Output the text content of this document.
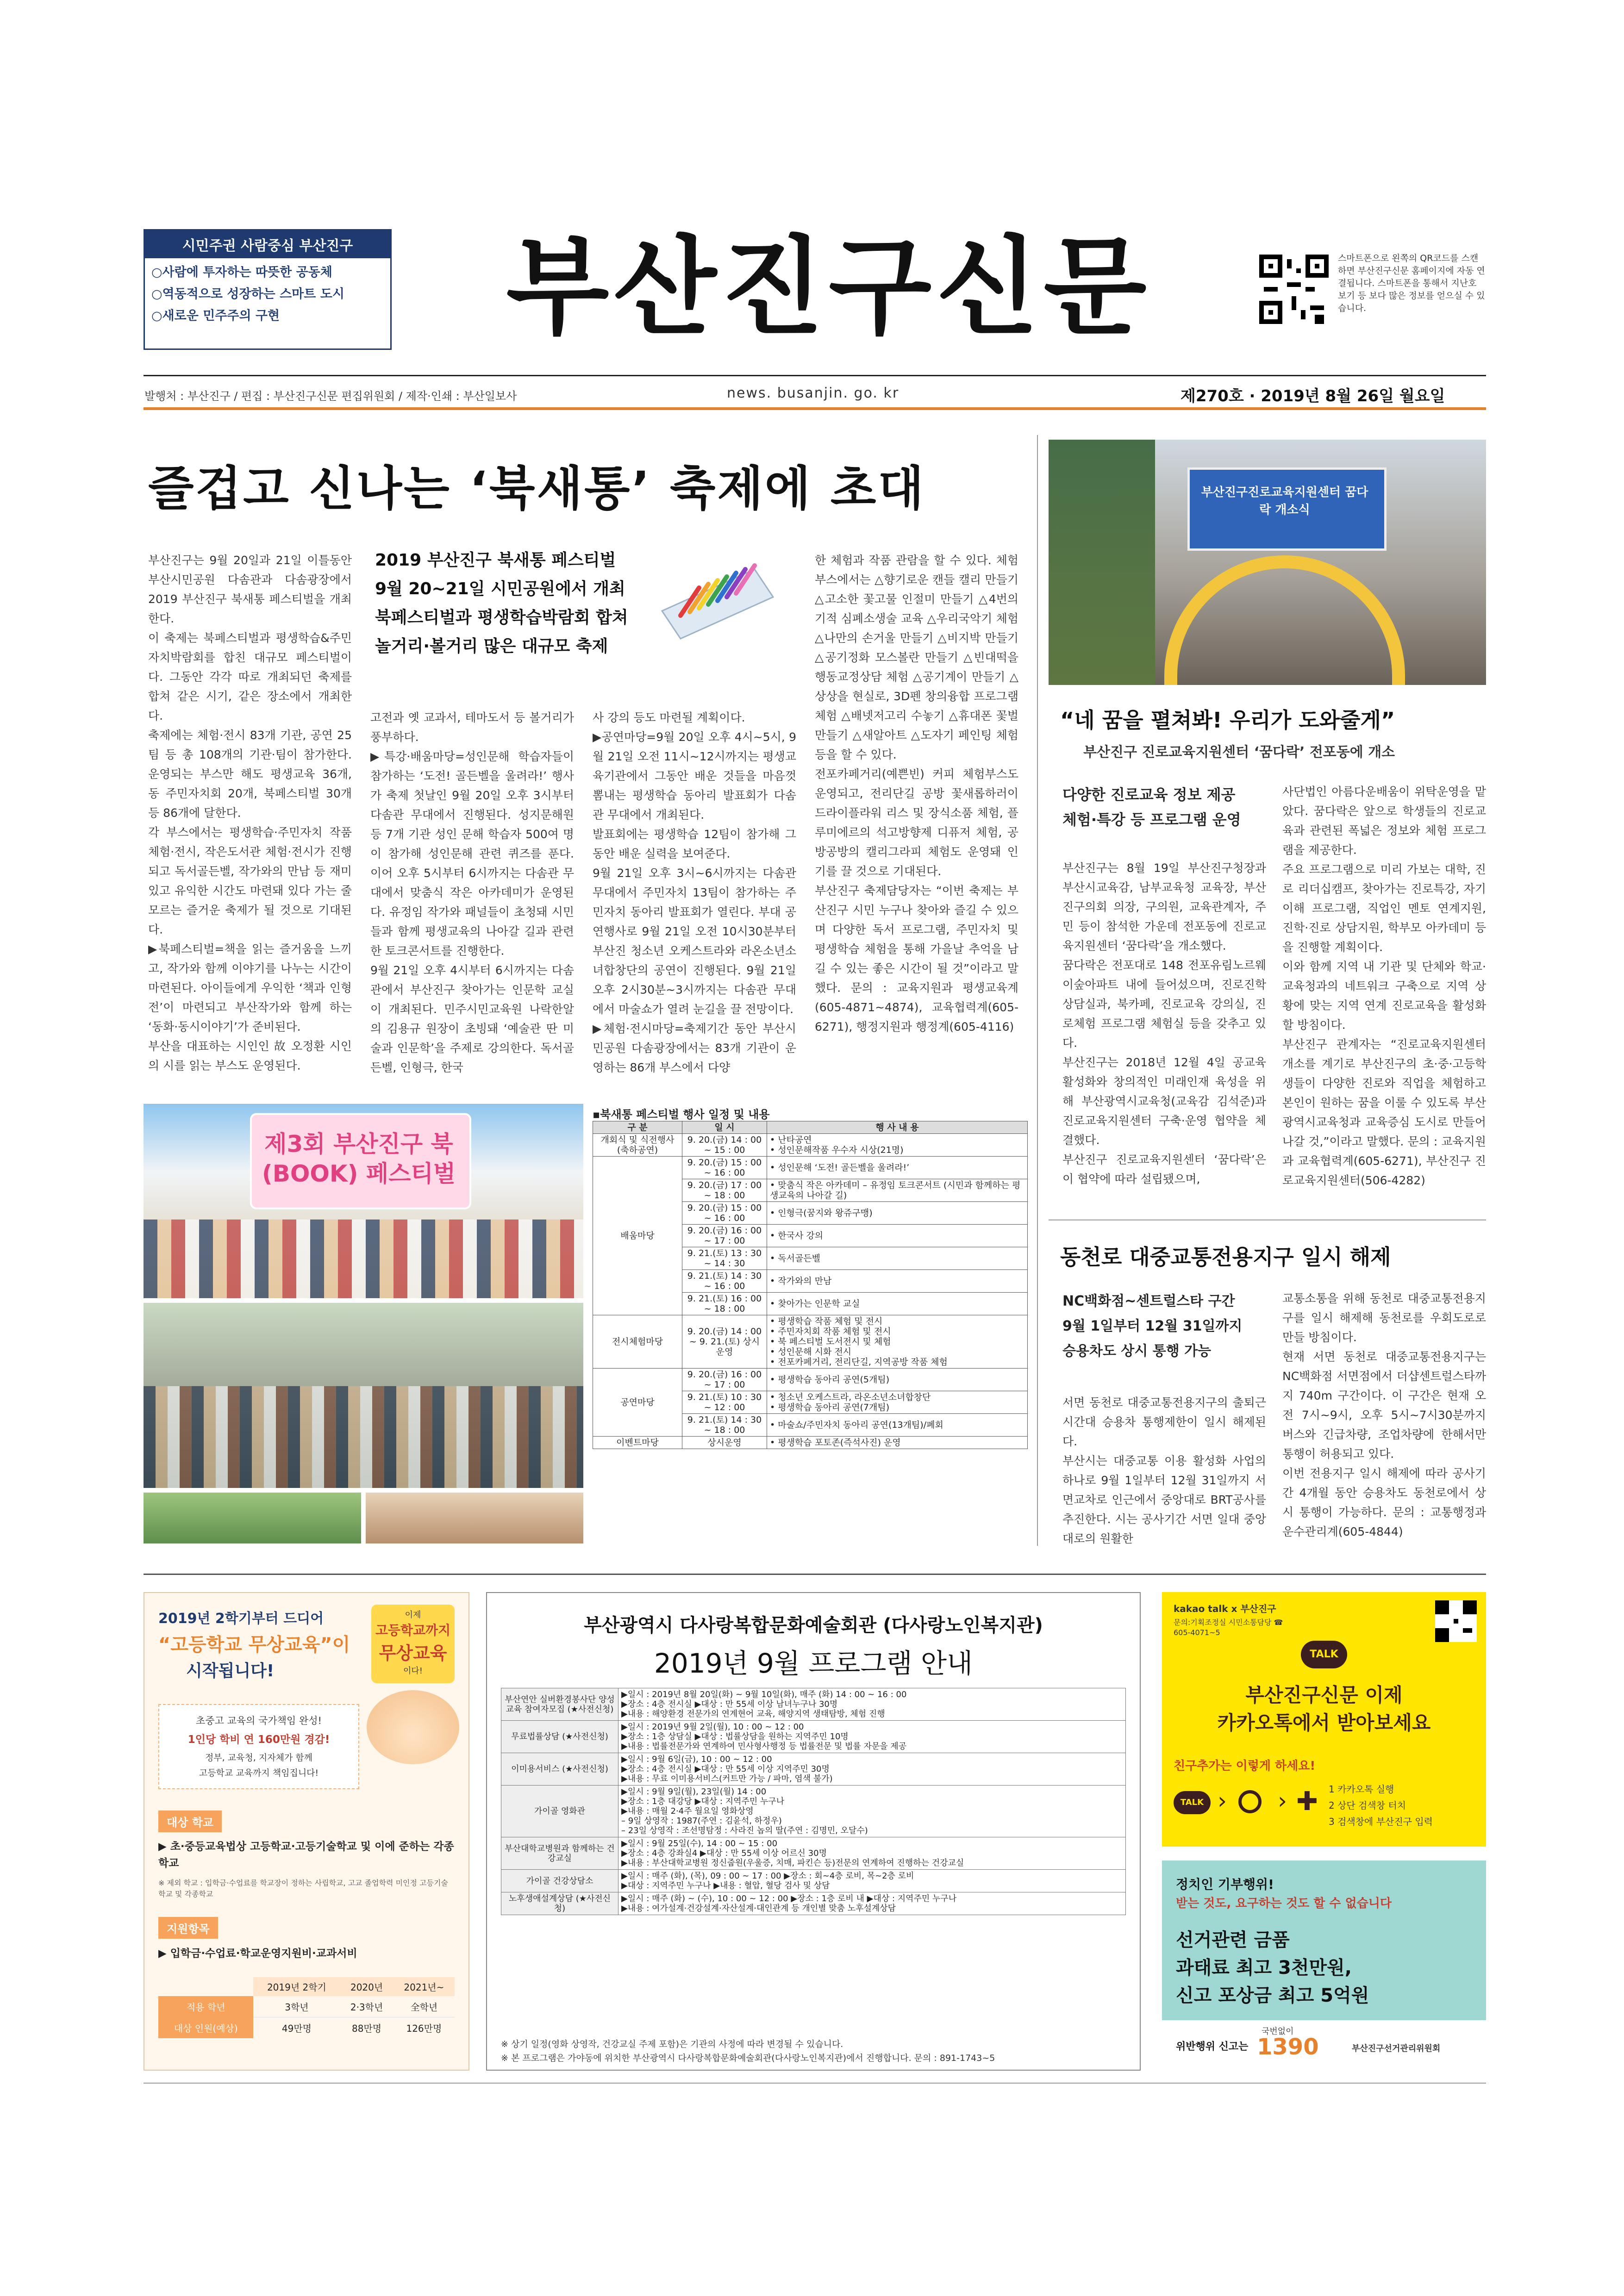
시민주권 사람중심 부산진구
○사람에 투자하는 따뜻한 공동체
○역동적으로 성장하는 스마트 도시
○새로운 민주주의 구현	부산진구신문	스마트폰으로 왼쪽의 QR코드를 스캔하면 부산진구신문 홈페이지에 자동 연결됩니다. 스마트폰을 통해서 지난호 보기 등 보다 많은 정보를 얻으실 수 있습니다.
발행처 : 부산진구 / 편집 : 부산진구신문 편집위원회 / 제작·인쇄 : 부산일보사	news. busanjin. go. kr	제270호 · 2019년 8월 26일 월요일
즐겁고 신나는 ‘북새통’ 축제에 초대
부산진구는 9월 20일과 21일 이틀동안 부산시민공원 다솜관과 다솜광장에서 2019 부산진구 북새통 페스티벌을 개최한다.
이 축제는 북페스티벌과 평생학습&주민자치박람회를 합친 대규모 페스티벌이다. 그동안 각각 따로 개최되던 축제를 합쳐 같은 시기, 같은 장소에서 개최한다.
축제에는 체험·전시 83개 기관, 공연 25팀 등 총 108개의 기관·팀이 참가한다. 운영되는 부스만 해도 평생교육 36개, 동 주민자치회 20개, 북페스티벌 30개 등 86개에 달한다.
각 부스에서는 평생학습·주민자치 작품 체험·전시, 작은도서관 체험·전시가 진행되고 독서골든벨, 작가와의 만남 등 재미있고 유익한 시간도 마련돼 있다 가는 줄 모르는 즐거운 축제가 될 것으로 기대된다.
▶북페스티벌=책을 읽는 즐거움을 느끼고, 작가와 함께 이야기를 나누는 시간이 마련된다. 아이들에게 우익한 ‘책과 인형전’이 마련되고 부산작가와 함께 하는 ‘동화·동시이야기’가 준비된다.
부산을 대표하는 시인인 故 오정환 시인의 시를 읽는 부스도 운영된다.
2019 부산진구 북새통 페스티벌
9월 20~21일 시민공원에서 개최
북페스티벌과 평생학습박람회 합쳐
놀거리·볼거리 많은 대규모 축제
고전과 옛 교과서, 테마도서 등 볼거리가 풍부하다.
▶특강·배움마당=성인문해 학습자들이 참가하는 ‘도전! 골든벨을 울려라!’ 행사가 축제 첫날인 9월 20일 오후 3시부터 다솜관 무대에서 진행된다. 성지문해원 등 7개 기관 성인 문해 학습자 500여 명이 참가해 성인문해 관련 퀴즈를 푼다. 이어 오후 5시부터 6시까지는 다솜관 무대에서 맞춤식 작은 아카데미가 운영된다. 유정임 작가와 패널들이 초청돼 시민들과 함께 평생교육의 나아갈 길과 관련한 토크콘서트를 진행한다.
9월 21일 오후 4시부터 6시까지는 다솜관에서 부산진구 찾아가는 인문학 교실이 개최된다. 민주시민교육원 나락한알의 김용규 원장이 초빙돼 ‘예술관 딴 미술과 인문학’을 주제로 강의한다. 독서골든벨, 인형극, 한국
사 강의 등도 마련될 계획이다.
▶공연마당=9월 20일 오후 4시~5시, 9월 21일 오전 11시~12시까지는 평생교육기관에서 그동안 배운 것들을 마음껏 뽐내는 평생학습 동아리 발표회가 다솜관 무대에서 개최된다.
발표회에는 평생학습 12팀이 참가해 그동안 배운 실력을 보여준다.
9월 21일 오후 3시~6시까지는 다솜관 무대에서 주민자치 13팀이 참가하는 주민자치 동아리 발표회가 열린다. 부대 공연행사로 9월 21일 오전 10시30분부터 부산진 청소년 오케스트라와 라온소년소녀합창단의 공연이 진행된다. 9월 21일 오후 2시30분~3시까지는 다솜관 무대에서 마술쇼가 열려 눈길을 끌 전망이다.
▶체험·전시마당=축제기간 동안 부산시민공원 다솜광장에서는 83개 기관이 운영하는 86개 부스에서 다양
한 체험과 작품 관람을 할 수 있다. 체험부스에서는 △향기로운 캔들 캘리 만들기 △고소한 꽃고물 인절미 만들기 △4번의 기적 심폐소생술 교육 △우리국악기 체험 △나만의 손거울 만들기 △비지박 만들기 △공기정화 모스볼란 만들기 △빈대떡을 행동교정상담 체험 △공기계이 만들기 △상상을 현실로, 3D펜 창의융합 프로그램 체험 △배넷저고리 수놓기 △휴대폰 꽃벌 만들기 △새알아트 △도자기 페인팅 체험 등을 할 수 있다.
전포카페거리(예쁜빈) 커피 체험부스도 운영되고, 전리단길 공방 꽃새롭하러이 드라이플라워 리스 및 장식소품 체험, 플루미에르의 석고방향제 디퓨저 체험, 공방공방의 캘리그라피 체험도 운영돼 인기를 끌 것으로 기대된다.
부산진구 축제담당자는 “이번 축제는 부산진구 시민 누구나 찾아와 즐길 수 있으며 다양한 독서 프로그램, 주민자치 및 평생학습 체험을 통해 가을날 추억을 남길 수 있는 좋은 시간이 될 것”이라고 말했다. 문의 : 교육지원과 평생교육계(605-4871~4874), 교육협력계(605-6271), 행정지원과 행정계(605-4116)
제3회 부산진구 북(BOOK) 페스티벌
▪북새통 페스티벌 행사 일정 및 내용
구 분	일 시	행 사 내 용
개회식 및 식전행사(축하공연)	9. 20.(금) 14 : 00 ~ 15 : 00	• 난타공연
• 성인문해작품 우수자 시상(21명)
배움마당	9. 20.(금) 15 : 00 ~ 16 : 00	• 성인문해 ‘도전! 골든벨을 울려라!’
	9. 20.(금) 17 : 00 ~ 18 : 00	• 맞춤식 작은 아카데미 – 유정임 토크콘서트 (시민과 함께하는 평생교육의 나아갈 길)
	9. 20.(금) 15 : 00 ~ 16 : 00	• 인형극(꿈지와 왕쥬구맹)
	9. 20.(금) 16 : 00 ~ 17 : 00	• 한국사 강의
	9. 21.(토) 13 : 30 ~ 14 : 30	• 독서골든벨
	9. 21.(토) 14 : 30 ~ 16 : 00	• 작가와의 만남
	9. 21.(토) 16 : 00 ~ 18 : 00	• 찾아가는 인문학 교실
전시체험마당	9. 20.(금) 14 : 00 ~ 9. 21.(토) 상시운영	• 평생학습 작품 체험 및 전시
• 주민자치회 작품 체험 및 전시
• 북 페스티벌 도서전시 및 체험
• 성인문해 시화 전시
• 전포카페거리, 전리단길, 지역공방 작품 체험
공연마당	9. 20.(금) 16 : 00 ~ 17 : 00	• 평생학습 동아리 공연(5개팀)
	9. 21.(토) 10 : 30 ~ 12 : 00	• 청소년 오케스트라, 라온소년소녀합창단
• 평생학습 동아리 공연(7개팀)
	9. 21.(토) 14 : 30 ~ 18 : 00	• 마술쇼/주민자치 동아리 공연(13개팀)/폐회
이벤트마당	상시운영	• 평생학습 포토존(즉석사진) 운영
부산진구진로교육지원센터 꿈다락 개소식
“네 꿈을 펼쳐봐! 우리가 도와줄게”
부산진구 진로교육지원센터 ‘꿈다락’ 전포동에 개소
다양한 진로교육 정보 제공
체험·특강 등 프로그램 운영
부산진구는 8월 19일 부산진구청장과 부산시교육감, 남부교육청 교육장, 부산진구의회 의장, 구의원, 교육관계자, 주민 등이 참석한 가운데 전포동에 진로교육지원센터 ‘꿈다락’을 개소했다.
꿈다락은 전포대로 148 전포유림노르웨이숲아파트 내에 들어섰으며, 진로진학 상담실과, 북카페, 진로교육 강의실, 진로체험 프로그램 체험실 등을 갖추고 있다.
부산진구는 2018년 12월 4일 공교육 활성화와 창의적인 미래인재 육성을 위해 부산광역시교육청(교육감 김석준)과 진로교육지원센터 구축·운영 협약을 체결했다.
부산진구 진로교육지원센터 ‘꿈다락’은 이 협약에 따라 설립됐으며,
사단법인 아름다운배움이 위탁운영을 맡았다. 꿈다락은 앞으로 학생들의 진로교육과 관련된 폭넓은 정보와 체험 프로그램을 제공한다.
주요 프로그램으로 미리 가보는 대학, 진로 리더십캠프, 찾아가는 진로특강, 자기이해 프로그램, 직업인 멘토 연계지원, 진학·진로 상담지원, 학부모 아카데미 등을 진행할 계획이다.
이와 함께 지역 내 기관 및 단체와 학교·교육청과의 네트워크 구축으로 지역 상황에 맞는 지역 연계 진로교육을 활성화할 방침이다.
부산진구 관계자는 “진로교육지원센터 개소를 계기로 부산진구의 초·중·고등학생들이 다양한 진로와 직업을 체험하고 본인이 원하는 꿈을 이룰 수 있도록 부산광역시교육청과 교육증심 도시로 만들어 나갈 것,”이라고 말했다. 문의 : 교육지원과 교육협력계(605-6271), 부산진구 진로교육지원센터(506-4282)
동천로 대중교통전용지구 일시 해제
NC백화점~센트럴스타 구간
9월 1일부터 12월 31일까지
승용차도 상시 통행 가능
서면 동천로 대중교통전용지구의 출퇴근 시간대 승용차 통행제한이 일시 해제된다.
부산시는 대중교통 이용 활성화 사업의 하나로 9월 1일부터 12월 31일까지 서면교차로 인근에서 중앙대로 BRT공사를 추진한다. 시는 공사기간 서면 일대 중앙대로의 원활한
교통소통을 위해 동천로 대중교통전용지구를 일시 해제해 동천로를 우회도로로 만들 방침이다.
현재 서면 동천로 대중교통전용지구는 NC백화점 서면점에서 더샵센트럴스타까지 740m 구간이다. 이 구간은 현재 오전 7시~9시, 오후 5시~7시30분까지 버스와 긴급차량, 조업차량에 한해서만 통행이 허용되고 있다.
이번 전용지구 일시 해제에 따라 공사기간 4개월 동안 승용차도 동천로에서 상시 통행이 가능하다. 문의 : 교통행정과 운수관리계(605-4844)
2019년 2학기부터 드디어
“고등학교 무상교육”이
시작됩니다!
이제
고등학교까지
무상교육
이다!
초중고 교육의 국가책임 완성!
1인당 학비 연 160만원 경감!
정부, 교육청, 지자체가 함께
고등학교 교육까지 책임집니다!
대상 학교
▶ 초·중등교육법상 고등학교·고등기술학교 및 이에 준하는 각종 학교
※ 제외 학교 : 입학금·수업료를 학교장이 정하는 사립학교, 고교 졸업학력 미인정 고등기술학교 및 각종학교
지원항목
▶ 입학금·수업료·학교운영지원비·교과서비
	2019년 2학기	2020년	2021년~
적용 학년	3학년	2·3학년	全학년
대상 인원(예상)	49만명	88만명	126만명
부산광역시 다사랑복합문화예술회관 (다사랑노인복지관)
2019년 9월 프로그램 안내
부산연안 실버환경봉사단 양성교육 참여자모집 (★사전신청)	▶일시 : 2019년 8월 20일(화) ~ 9월 10일(화), 매주 (화) 14 : 00 ~ 16 : 00
▶장소 : 4층 전시실 ▶대상 : 만 55세 이상 남녀누구나 30명
▶내용 : 해양환경 전문가의 연계현어 교육, 해양지역 생태탐방, 체험 진행
무료법률상담 (★사전신청)	▶일시 : 2019년 9월 2일(월), 10 : 00 ~ 12 : 00
▶장소 : 1층 상담실 ▶대상 : 법률상담을 원하는 지역주민 10명
▶내용 : 법률전문가와 연계하여 민사형사행정 등 법률전문 및 법률 자문을 제공
이미용서비스 (★사전신청)	▶일시 : 9월 6일(금), 10 : 00 ~ 12 : 00
▶장소 : 4층 전시실 ▶대상 : 만 55세 이상 지역주민 30명
▶내용 : 무료 이미용서비스(커트만 가능 / 파마, 염색 불가)
가이골 영화관	▶일시 : 9월 9일(월), 23일(월) 14 : 00
▶장소 : 1층 대강당 ▶대상 : 지역주민 누구나
▶내용 : 매월 2·4주 월요일 영화상영
– 9일 상영작 : 1987(주연 : 김윤석, 하정우)
– 23일 상영작 : 조선명탐정 : 사라진 놉의 딸(주연 : 김명민, 오달수)
부산대학교병원과 함께하는 건강교실	▶일시 : 9월 25일(수), 14 : 00 ~ 15 : 00
▶장소 : 4층 강좌실4 ▶대상 : 만 55세 이상 어르신 30명
▶내용 : 부산대학교병원 정신줍원(우울증, 치매, 파킨슨 등)전문의 연계하여 진행하는 건강교실
가이골 건강상담소	▶일시 : 매주 (화), (목), 09 : 00 ~ 17 : 00 ▶장소 : 회~4층 로비, 목~2층 로비
▶대상 : 지역주민 누구나 ▶내용 : 혈압, 혈당 검사 및 상담
노후생애설계상담 (★사전신청)	▶일시 : 매주 (화) ~ (수), 10 : 00 ~ 12 : 00 ▶장소 : 1층 로비 내 ▶대상 : 지역주민 누구나
▶내용 : 여가설계·건강설계·자산설계·대인관계 등 개인별 맞춤 노후설계상담
※ 상기 일정(영화 상영작, 건강교실 주제 포함)은 기관의 사정에 따라 변경될 수 있습니다.
※ 본 프로그램은 가야동에 위치한 부산광역시 다사랑복합문화예술회관(다사랑노인복지관)에서 진행합니다. 문의 : 891-1743~5
kakao talk x 부산진구
문의:기획조정실 시민소통담당 ☎ 605-4071~5
TALK
부산진구신문 이제
카카오톡에서 받아보세요
친구추가는 이렇게 하세요!
TALK › › ✚ 1 카카오톡 실행
2 상단 검색창 터치
3 검색창에 부산진구 입력
정치인 기부행위!
받는 것도, 요구하는 것도 할 수 없습니다
선거관련 금품
과태료 최고 3천만원,
신고 포상금 최고 5억원
위반행위 신고는
국번없이
1390	부산진구선거관리위원회
